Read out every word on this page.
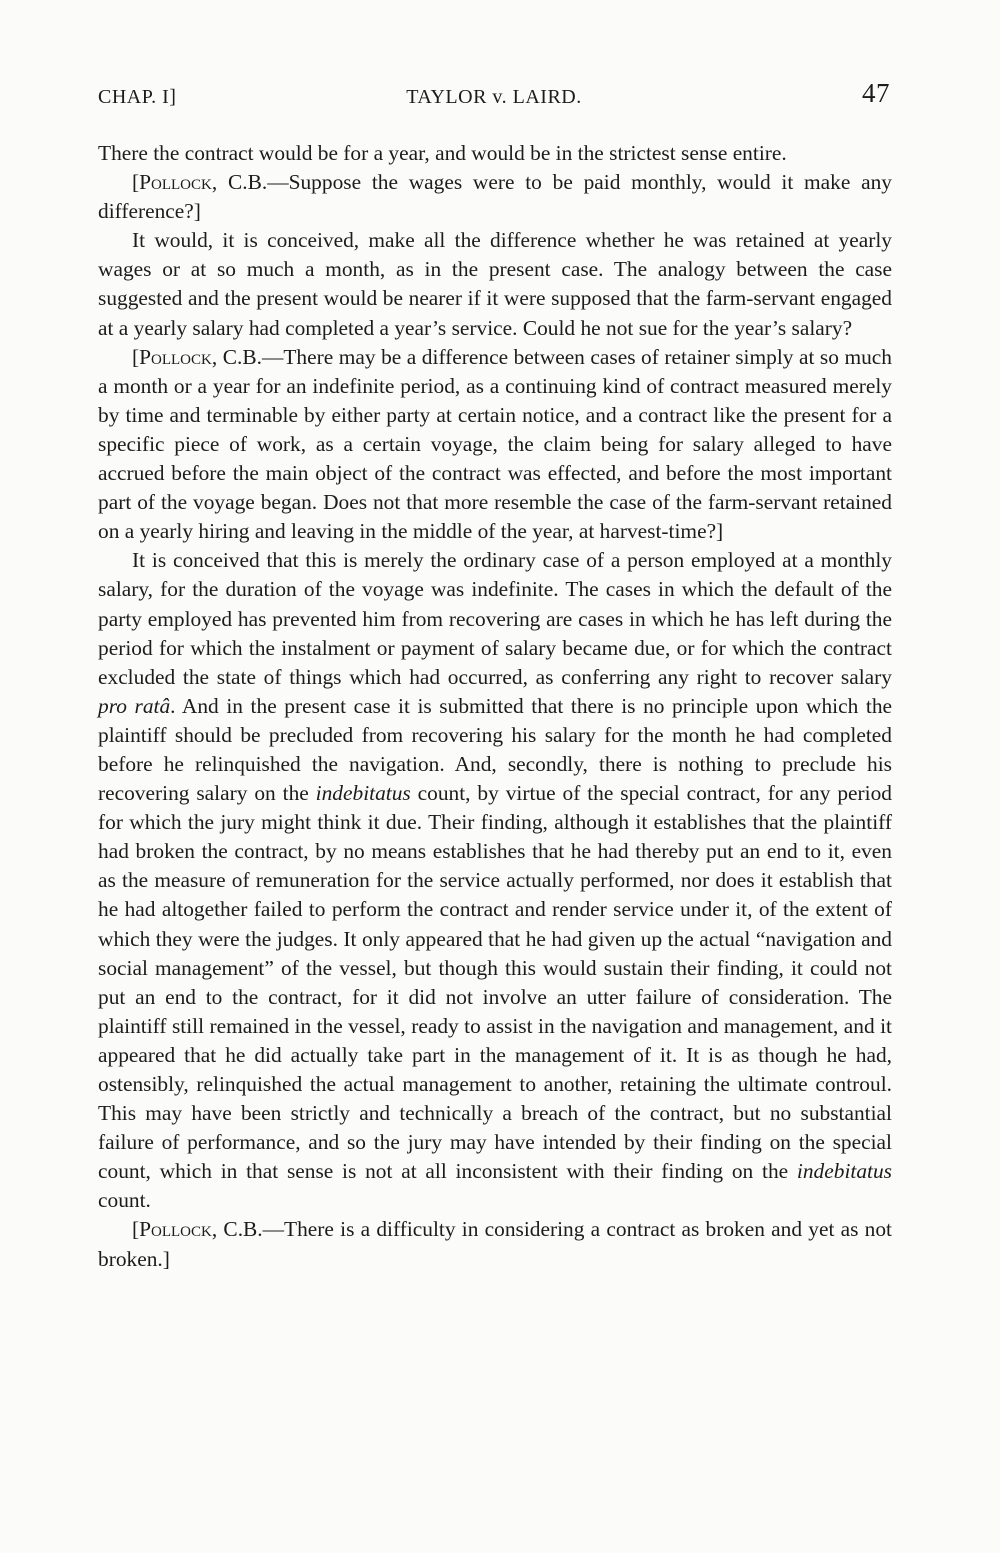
CHAP. I]	TAYLOR v. LAIRD.	47

There the contract would be for a year, and would be in the strictest sense entire.

[Pollock, C.B.—Suppose the wages were to be paid monthly, would it make any difference?]

It would, it is conceived, make all the difference whether he was retained at yearly wages or at so much a month, as in the present case. The analogy between the case suggested and the present would be nearer if it were supposed that the farm-servant engaged at a yearly salary had completed a year’s service. Could he not sue for the year’s salary?

[Pollock, C.B.—There may be a difference between cases of retainer simply at so much a month or a year for an indefinite period, as a continuing kind of contract measured merely by time and terminable by either party at certain notice, and a contract like the present for a specific piece of work, as a certain voyage, the claim being for salary alleged to have accrued before the main object of the contract was effected, and before the most important part of the voyage began. Does not that more resemble the case of the farm-servant retained on a yearly hiring and leaving in the middle of the year, at harvest-time?]

It is conceived that this is merely the ordinary case of a person employed at a monthly salary, for the duration of the voyage was indefinite. The cases in which the default of the party employed has prevented him from recovering are cases in which he has left during the period for which the instalment or payment of salary became due, or for which the contract excluded the state of things which had occurred, as conferring any right to recover salary pro ratâ. And in the present case it is submitted that there is no principle upon which the plaintiff should be precluded from recovering his salary for the month he had completed before he relinquished the navigation. And, secondly, there is nothing to preclude his recovering salary on the indebitatus count, by virtue of the special contract, for any period for which the jury might think it due. Their finding, although it establishes that the plaintiff had broken the contract, by no means establishes that he had thereby put an end to it, even as the measure of remuneration for the service actually performed, nor does it establish that he had altogether failed to perform the contract and render service under it, of the extent of which they were the judges. It only appeared that he had given up the actual “navigation and social management” of the vessel, but though this would sustain their finding, it could not put an end to the contract, for it did not involve an utter failure of consideration. The plaintiff still remained in the vessel, ready to assist in the navigation and management, and it appeared that he did actually take part in the management of it. It is as though he had, ostensibly, relinquished the actual management to another, retaining the ultimate controul. This may have been strictly and technically a breach of the contract, but no substantial failure of performance, and so the jury may have intended by their finding on the special count, which in that sense is not at all inconsistent with their finding on the indebitatus count.

[Pollock, C.B.—There is a difficulty in considering a contract as broken and yet as not broken.]
